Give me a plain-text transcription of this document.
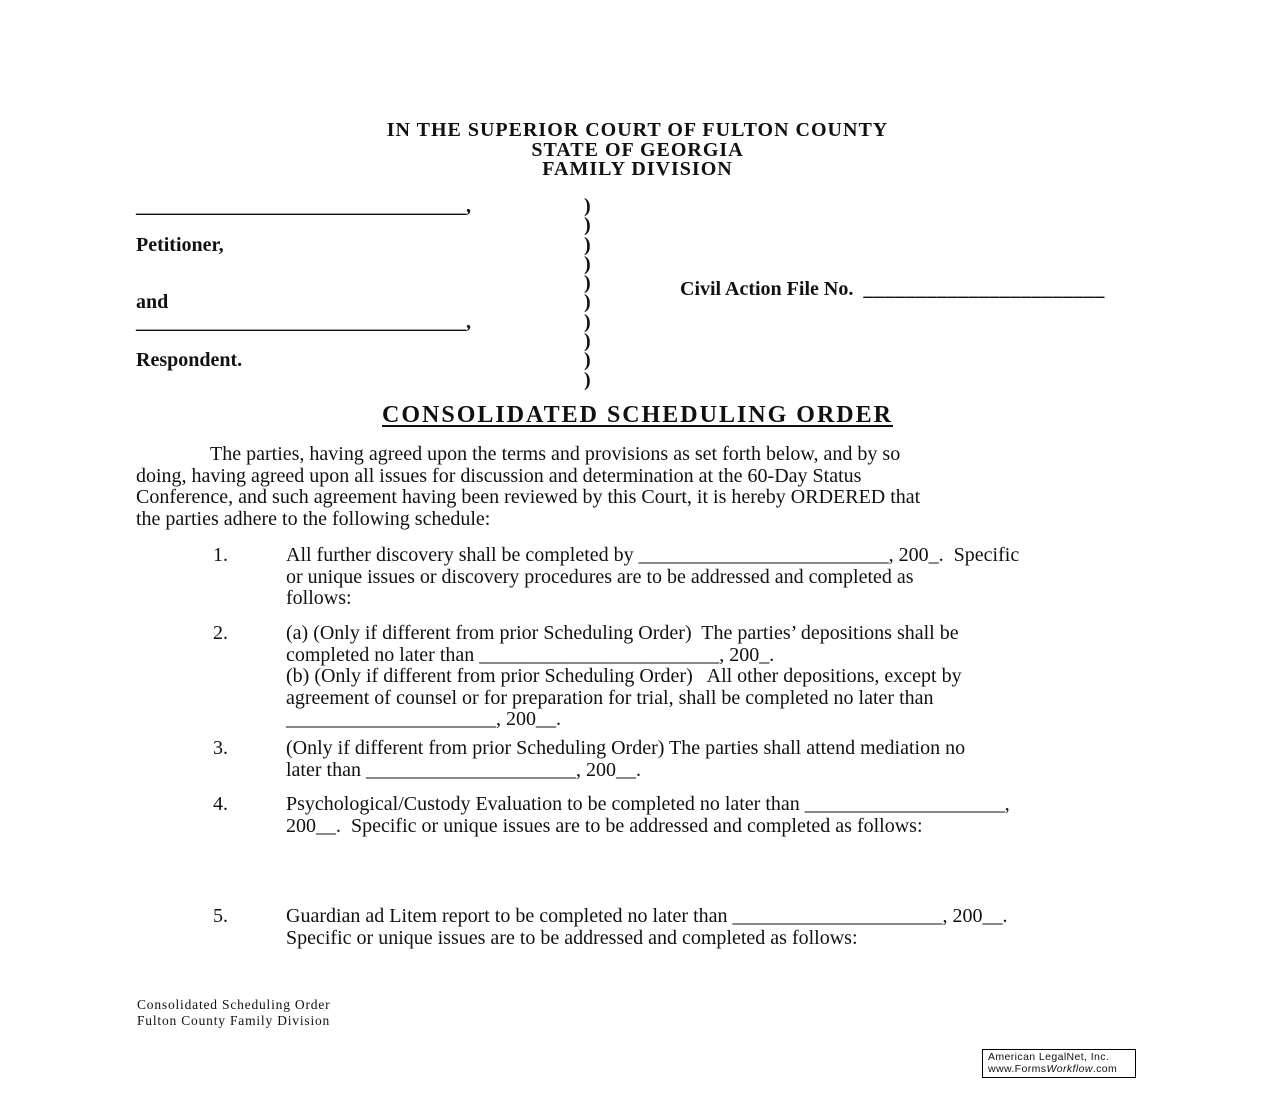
IN THE SUPERIOR COURT OF FULTON COUNTY
STATE OF GEORGIA
FAMILY DIVISION
_________________________________,
Petitioner,
and
_________________________________,
Respondent.
)
)
)
)
)
)
)
)
)
)

Civil Action File No.  _______________________

CONSOLIDATED SCHEDULING ORDER
The parties, having agreed upon the terms and provisions as set forth below, and by so
doing, having agreed upon all issues for discussion and determination at the 60-Day Status
Conference, and such agreement having been reviewed by this Court, it is hereby ORDERED that
the parties adhere to the following schedule:
1.	All further discovery shall be completed by _________________________, 200_.  Specific
or unique issues or discovery procedures are to be addressed and completed as
follows:
2.	(a) (Only if different from prior Scheduling Order)  The parties’ depositions shall be
completed no later than ________________________, 200_.
(b) (Only if different from prior Scheduling Order)   All other depositions, except by
agreement of counsel or for preparation for trial, shall be completed no later than
_____________________, 200__.
3.	(Only if different from prior Scheduling Order) The parties shall attend mediation no
later than _____________________, 200__.
4.	Psychological/Custody Evaluation to be completed no later than ____________________,
200__.  Specific or unique issues are to be addressed and completed as follows:
5.	Guardian ad Litem report to be completed no later than _____________________, 200__.
Specific or unique issues are to be addressed and completed as follows:
Consolidated Scheduling Order
Fulton County Family Division
American LegalNet, Inc.
www.FormsWorkflow.com
